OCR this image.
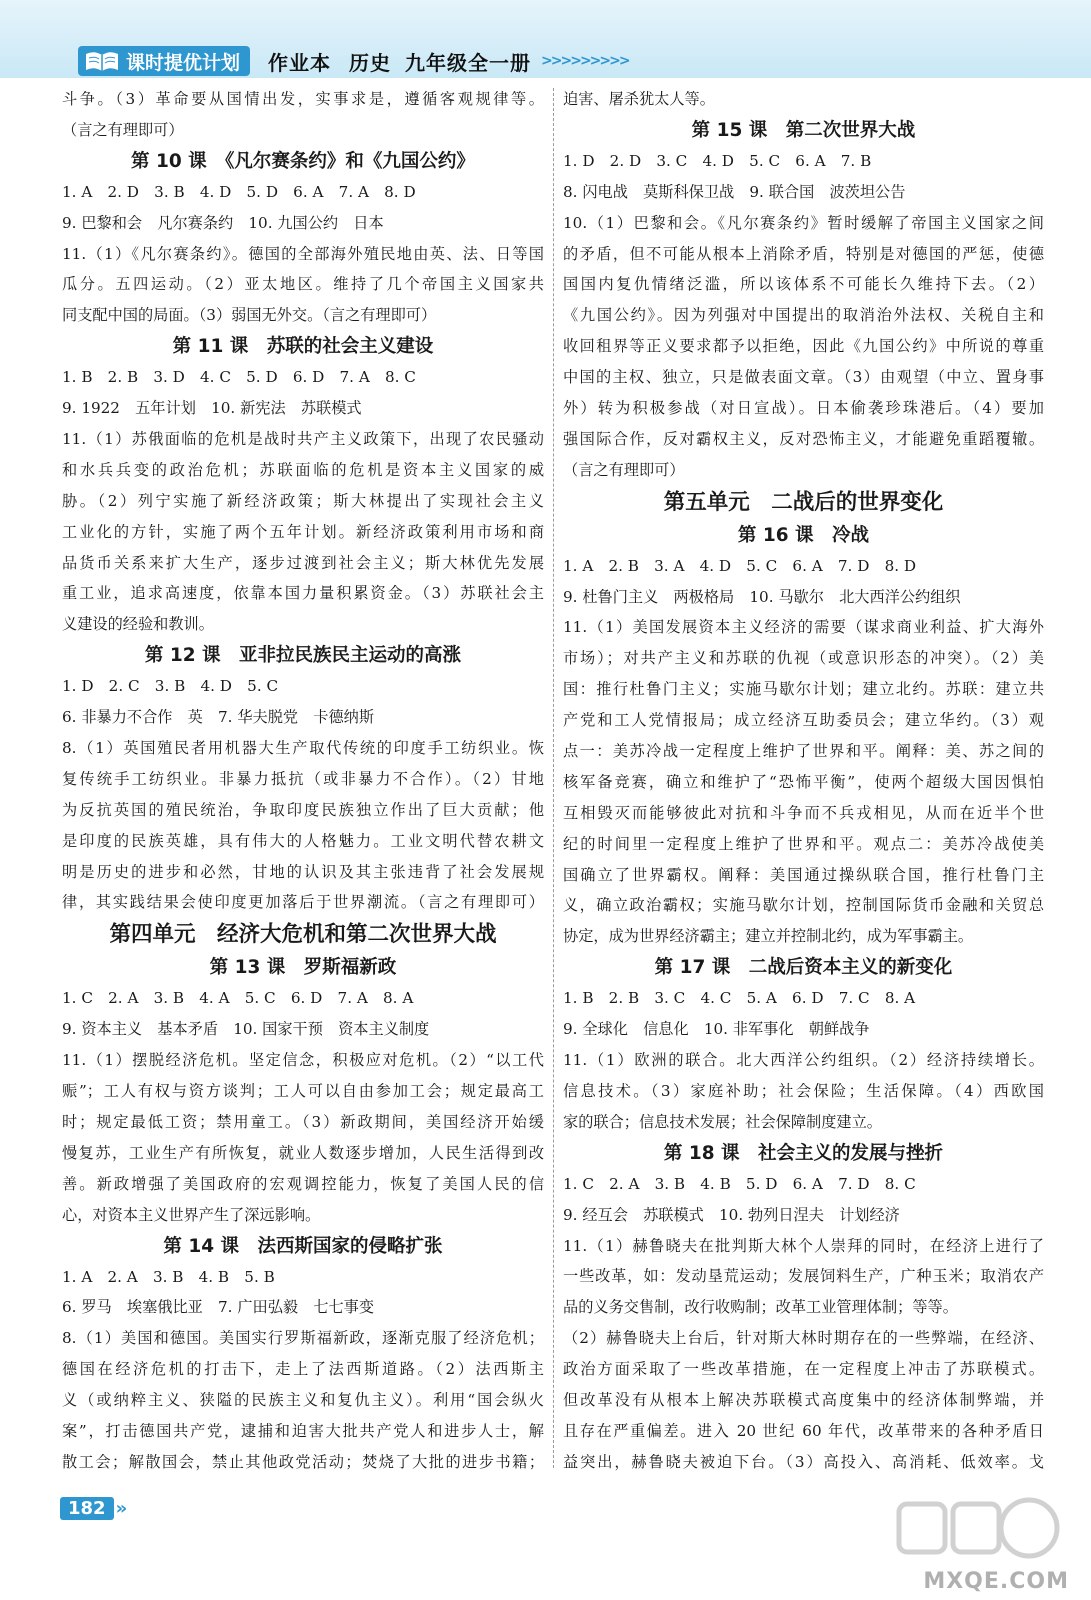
课时提优计划 作业本 历史 九年级全一册 >>>>>>>>>
斗争。（3）革命要从国情出发，实事求是，遵循客观规律等。
（言之有理即可）
第 10 课　《凡尔赛条约》和《九国公约》
1. A　2. D　3. B　4. D　5. D　6. A　7. A　8. D
9. 巴黎和会　凡尔赛条约　10. 九国公约　日本
11.（1）《凡尔赛条约》。德国的全部海外殖民地由英、法、日等国
瓜分。五四运动。（2）亚太地区。维持了几个帝国主义国家共
同支配中国的局面。（3）弱国无外交。（言之有理即可）
第 11 课　苏联的社会主义建设
1. B　2. B　3. D　4. C　5. D　6. D　7. A　8. C
9. 1922　五年计划　10. 新宪法　苏联模式
11.（1）苏俄面临的危机是战时共产主义政策下，出现了农民骚动
和水兵兵变的政治危机；苏联面临的危机是资本主义国家的威
胁。（2）列宁实施了新经济政策；斯大林提出了实现社会主义
工业化的方针，实施了两个五年计划。新经济政策利用市场和商
品货币关系来扩大生产，逐步过渡到社会主义；斯大林优先发展
重工业，追求高速度，依靠本国力量积累资金。（3）苏联社会主
义建设的经验和教训。
第 12 课　亚非拉民族民主运动的高涨
1. D　2. C　3. B　4. D　5. C
6. 非暴力不合作　英　7. 华夫脱党　卡德纳斯
8.（1）英国殖民者用机器大生产取代传统的印度手工纺织业。恢
复传统手工纺织业。非暴力抵抗（或非暴力不合作）。（2）甘地
为反抗英国的殖民统治，争取印度民族独立作出了巨大贡献；他
是印度的民族英雄，具有伟大的人格魅力。工业文明代替农耕文
明是历史的进步和必然，甘地的认识及其主张违背了社会发展规
律，其实践结果会使印度更加落后于世界潮流。（言之有理即可）
第四单元　经济大危机和第二次世界大战
第 13 课　罗斯福新政
1. C　2. A　3. B　4. A　5. C　6. D　7. A　8. A
9. 资本主义　基本矛盾　10. 国家干预　资本主义制度
11.（1）摆脱经济危机。坚定信念，积极应对危机。（2）“以工代
赈”；工人有权与资方谈判；工人可以自由参加工会；规定最高工
时；规定最低工资；禁用童工。（3）新政期间，美国经济开始缓
慢复苏，工业生产有所恢复，就业人数逐步增加，人民生活得到改
善。新政增强了美国政府的宏观调控能力，恢复了美国人民的信
心，对资本主义世界产生了深远影响。
第 14 课　法西斯国家的侵略扩张
1. A　2. A　3. B　4. B　5. B
6. 罗马　埃塞俄比亚　7. 广田弘毅　七七事变
8.（1）美国和德国。美国实行罗斯福新政，逐渐克服了经济危机；
德国在经济危机的打击下，走上了法西斯道路。（2）法西斯主
义（或纳粹主义、狭隘的民族主义和复仇主义）。利用“国会纵火
案”，打击德国共产党，逮捕和迫害大批共产党人和进步人士，解
散工会；解散国会，禁止其他政党活动；焚烧了大批的进步书籍；
迫害、屠杀犹太人等。
第 15 课　第二次世界大战
1. D　2. D　3. C　4. D　5. C　6. A　7. B
8. 闪电战　莫斯科保卫战　9. 联合国　波茨坦公告
10.（1）巴黎和会。《凡尔赛条约》暂时缓解了帝国主义国家之间
的矛盾，但不可能从根本上消除矛盾，特别是对德国的严惩，使德
国国内复仇情绪泛滥，所以该体系不可能长久维持下去。（2）
《九国公约》。因为列强对中国提出的取消治外法权、关税自主和
收回租界等正义要求都予以拒绝，因此《九国公约》中所说的尊重
中国的主权、独立，只是做表面文章。（3）由观望（中立、置身事
外）转为积极参战（对日宣战）。日本偷袭珍珠港后。（4）要加
强国际合作，反对霸权主义，反对恐怖主义，才能避免重蹈覆辙。
（言之有理即可）
第五单元　二战后的世界变化
第 16 课　冷战
1. A　2. B　3. A　4. D　5. C　6. A　7. D　8. D
9. 杜鲁门主义　两极格局　10. 马歇尔　北大西洋公约组织
11.（1）美国发展资本主义经济的需要（谋求商业利益、扩大海外
市场）；对共产主义和苏联的仇视（或意识形态的冲突）。（2）美
国：推行杜鲁门主义；实施马歇尔计划；建立北约。苏联：建立共
产党和工人党情报局；成立经济互助委员会；建立华约。（3）观
点一：美苏冷战一定程度上维护了世界和平。阐释：美、苏之间的
核军备竞赛，确立和维护了“恐怖平衡”，使两个超级大国因惧怕
互相毁灭而能够彼此对抗和斗争而不兵戎相见，从而在近半个世
纪的时间里一定程度上维护了世界和平。观点二：美苏冷战使美
国确立了世界霸权。阐释：美国通过操纵联合国，推行杜鲁门主
义，确立政治霸权；实施马歇尔计划，控制国际货币金融和关贸总
协定，成为世界经济霸主；建立并控制北约，成为军事霸主。
第 17 课　二战后资本主义的新变化
1. B　2. B　3. C　4. C　5. A　6. D　7. C　8. A
9. 全球化　信息化　10. 非军事化　朝鲜战争
11.（1）欧洲的联合。北大西洋公约组织。（2）经济持续增长。
信息技术。（3）家庭补助；社会保险；生活保障。（4）西欧国
家的联合；信息技术发展；社会保障制度建立。
第 18 课　社会主义的发展与挫折
1. C　2. A　3. B　4. B　5. D　6. A　7. D　8. C
9. 经互会　苏联模式　10. 勃列日涅夫　计划经济
11.（1）赫鲁晓夫在批判斯大林个人崇拜的同时，在经济上进行了
一些改革，如：发动垦荒运动；发展饲料生产，广种玉米；取消农产
品的义务交售制，改行收购制；改革工业管理体制；等等。
（2）赫鲁晓夫上台后，针对斯大林时期存在的一些弊端，在经济、
政治方面采取了一些改革措施，在一定程度上冲击了苏联模式。
但改革没有从根本上解决苏联模式高度集中的经济体制弊端，并
且存在严重偏差。进入 20 世纪 60 年代，改革带来的各种矛盾日
益突出，赫鲁晓夫被迫下台。（3）高投入、高消耗、低效率。戈
182 »
MXQE.COM
